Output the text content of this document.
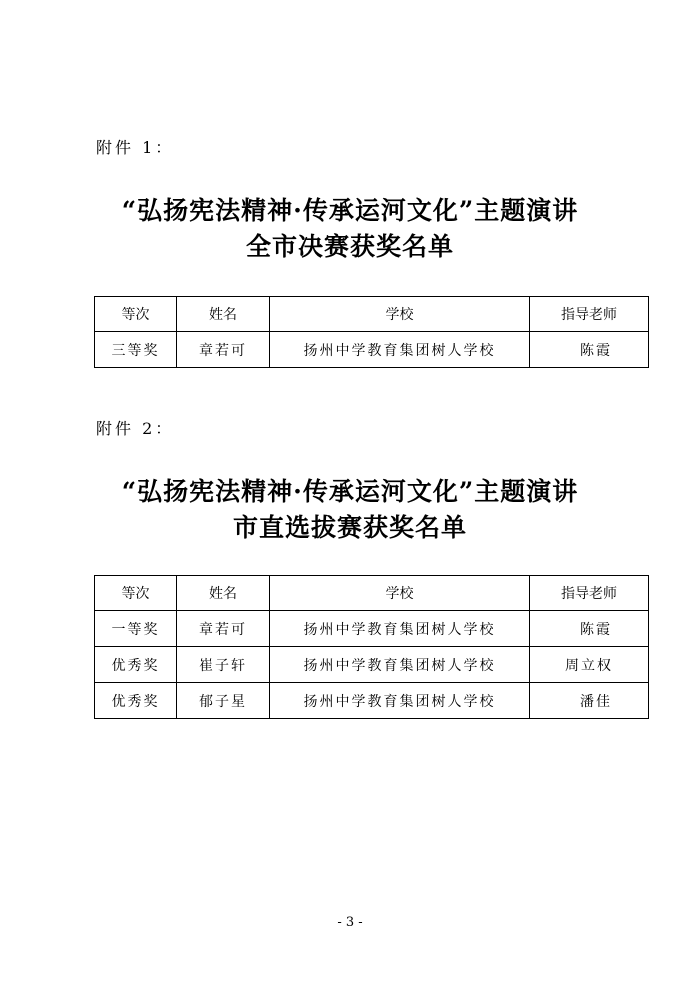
附件 1：
“弘扬宪法精神·传承运河文化”主题演讲
全市决赛获奖名单
等次	姓名	学校	指导老师
三等奖	章若可	扬州中学教育集团树人学校	陈霞
附件 2：
“弘扬宪法精神·传承运河文化”主题演讲
市直选拔赛获奖名单
等次	姓名	学校	指导老师
一等奖	章若可	扬州中学教育集团树人学校	陈霞
优秀奖	崔子轩	扬州中学教育集团树人学校	周立权
优秀奖	郁子星	扬州中学教育集团树人学校	潘佳
- 3 -
